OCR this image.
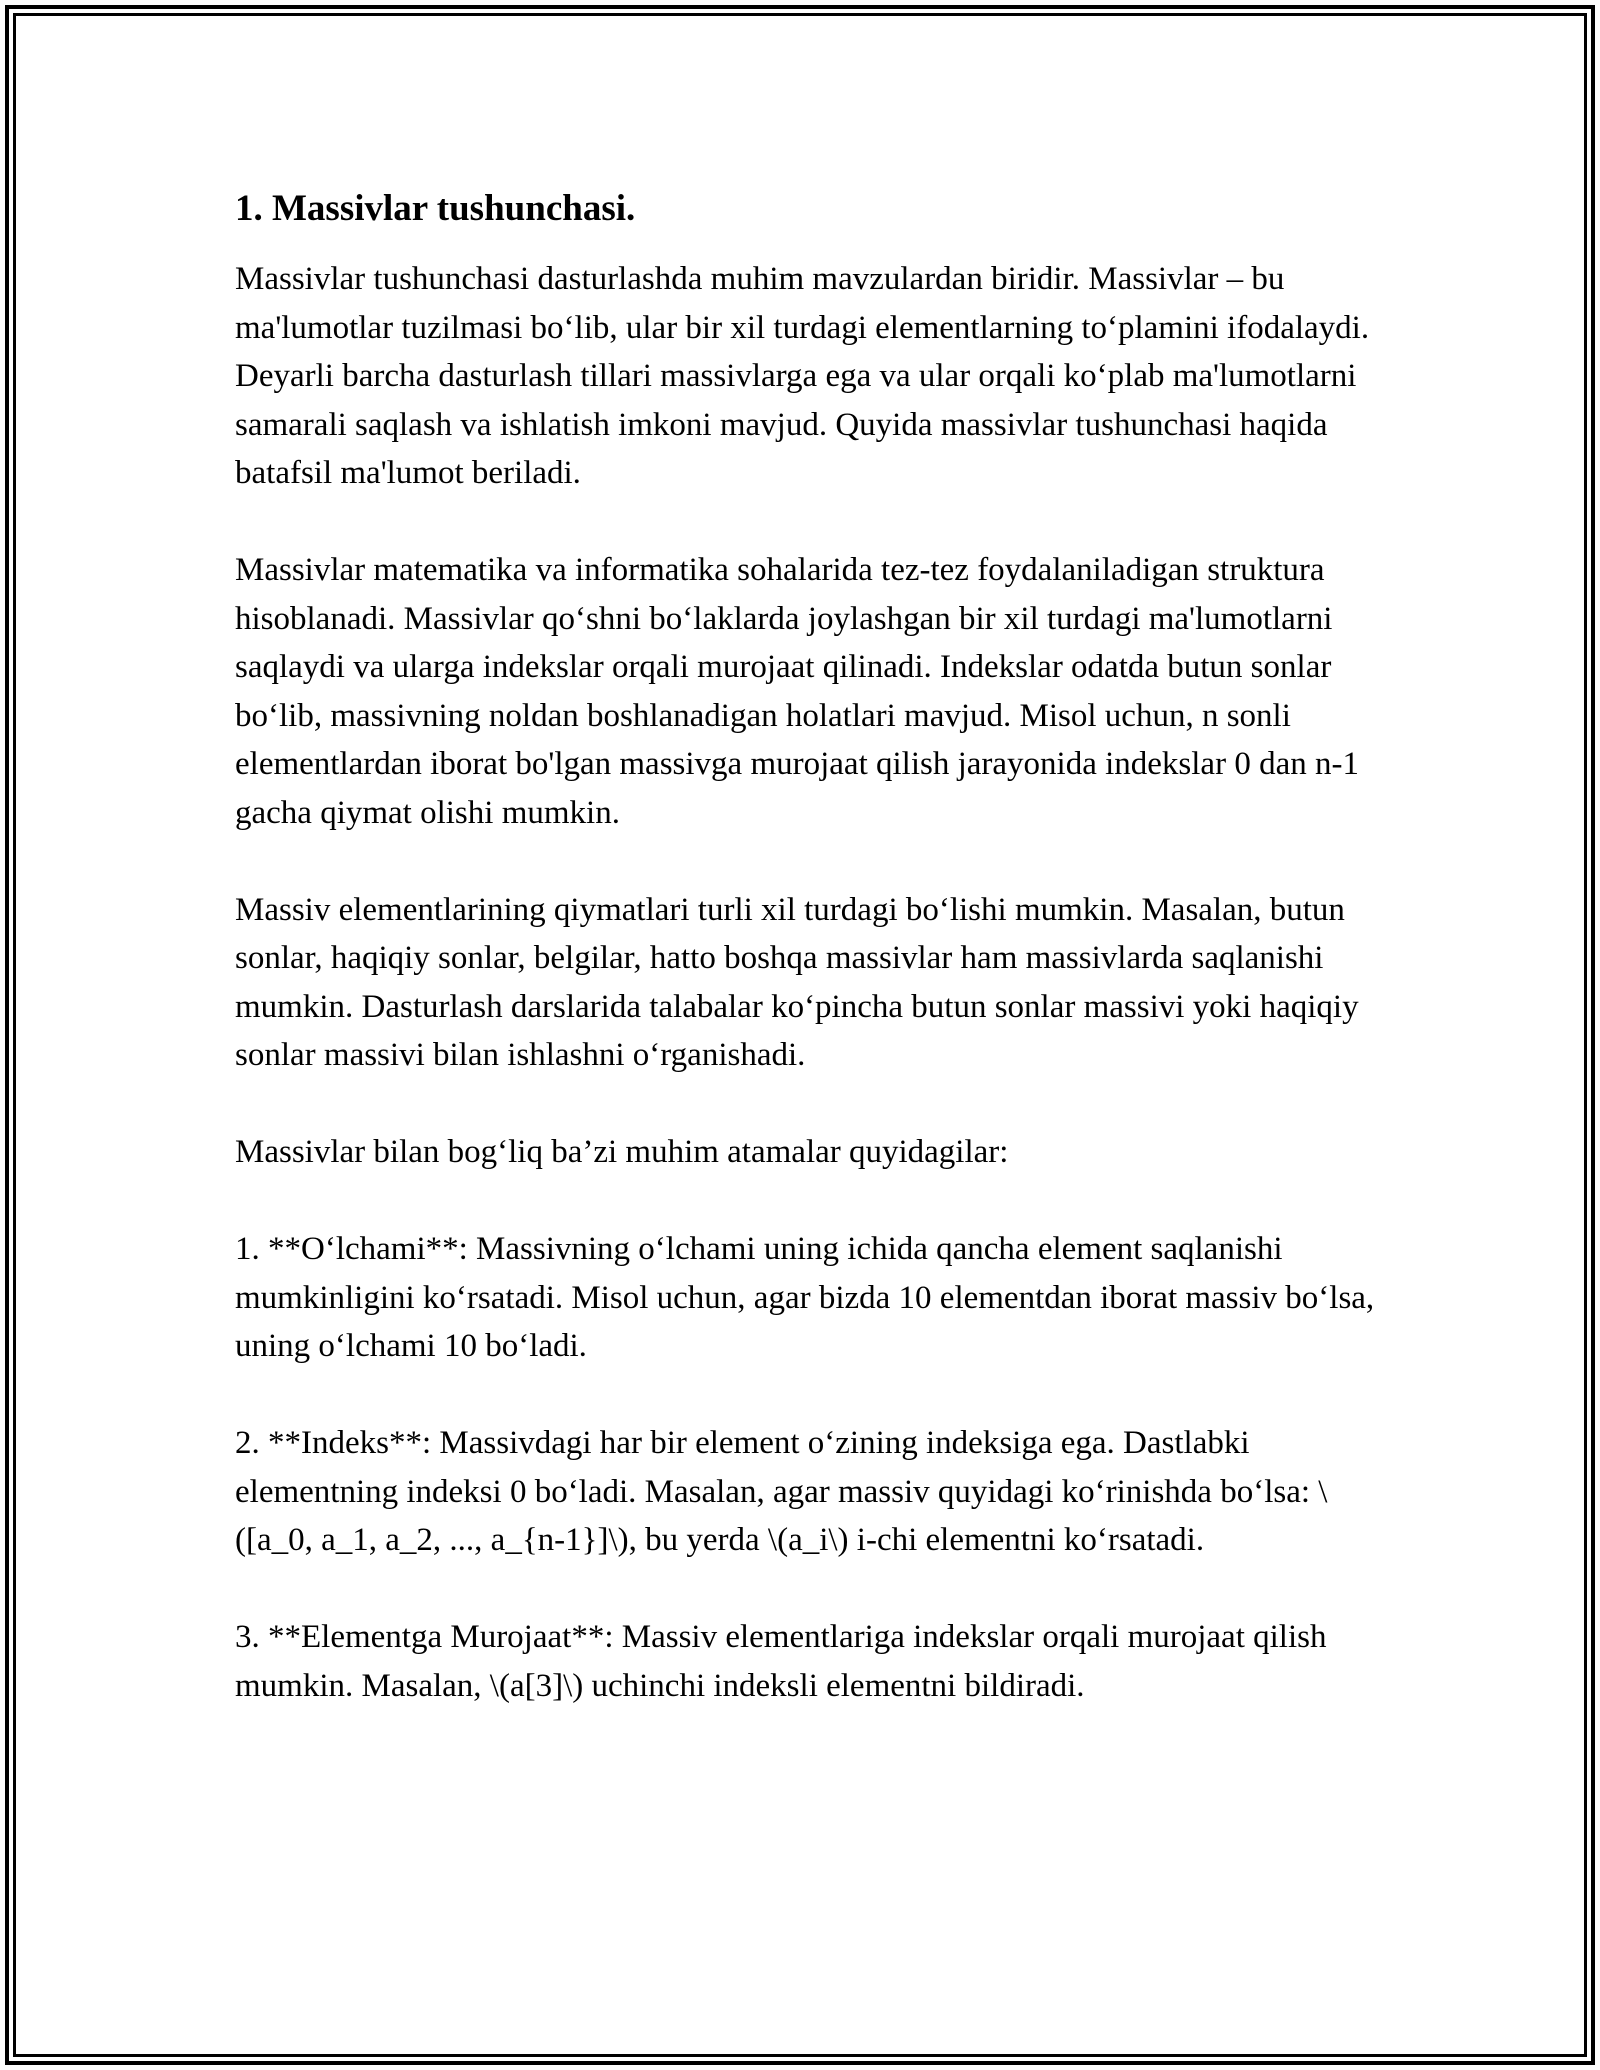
1. Massivlar tushunchasi.

Massivlar tushunchasi dasturlashda muhim mavzulardan biridir. Massivlar – bu ma'lumotlar tuzilmasi bo‘lib, ular bir xil turdagi elementlarning to‘plamini ifodalaydi. Deyarli barcha dasturlash tillari massivlarga ega va ular orqali ko‘plab ma'lumotlarni samarali saqlash va ishlatish imkoni mavjud. Quyida massivlar tushunchasi haqida batafsil ma'lumot beriladi.

Massivlar matematika va informatika sohalarida tez-tez foydalaniladigan struktura hisoblanadi. Massivlar qo‘shni bo‘laklarda joylashgan bir xil turdagi ma'lumotlarni saqlaydi va ularga indekslar orqali murojaat qilinadi. Indekslar odatda butun sonlar bo‘lib, massivning noldan boshlanadigan holatlari mavjud. Misol uchun, n sonli elementlardan iborat bo'lgan massivga murojaat qilish jarayonida indekslar 0 dan n-1 gacha qiymat olishi mumkin.

Massiv elementlarining qiymatlari turli xil turdagi bo‘lishi mumkin. Masalan, butun sonlar, haqiqiy sonlar, belgilar, hatto boshqa massivlar ham massivlarda saqlanishi mumkin. Dasturlash darslarida talabalar ko‘pincha butun sonlar massivi yoki haqiqiy sonlar massivi bilan ishlashni o‘rganishadi.

Massivlar bilan bog‘liq ba’zi muhim atamalar quyidagilar:

1. **O‘lchami**: Massivning o‘lchami uning ichida qancha element saqlanishi mumkinligini ko‘rsatadi. Misol uchun, agar bizda 10 elementdan iborat massiv bo‘lsa, uning o‘lchami 10 bo‘ladi.

2. **Indeks**: Massivdagi har bir element o‘zining indeksiga ega. Dastlabki elementning indeksi 0 bo‘ladi. Masalan, agar massiv quyidagi ko‘rinishda bo‘lsa: \([a_0, a_1, a_2, ..., a_{n-1}]\), bu yerda \(a_i\) i-chi elementni ko‘rsatadi.

3. **Elementga Murojaat**: Massiv elementlariga indekslar orqali murojaat qilish mumkin. Masalan, \(a[3]\) uchinchi indeksli elementni bildiradi.
